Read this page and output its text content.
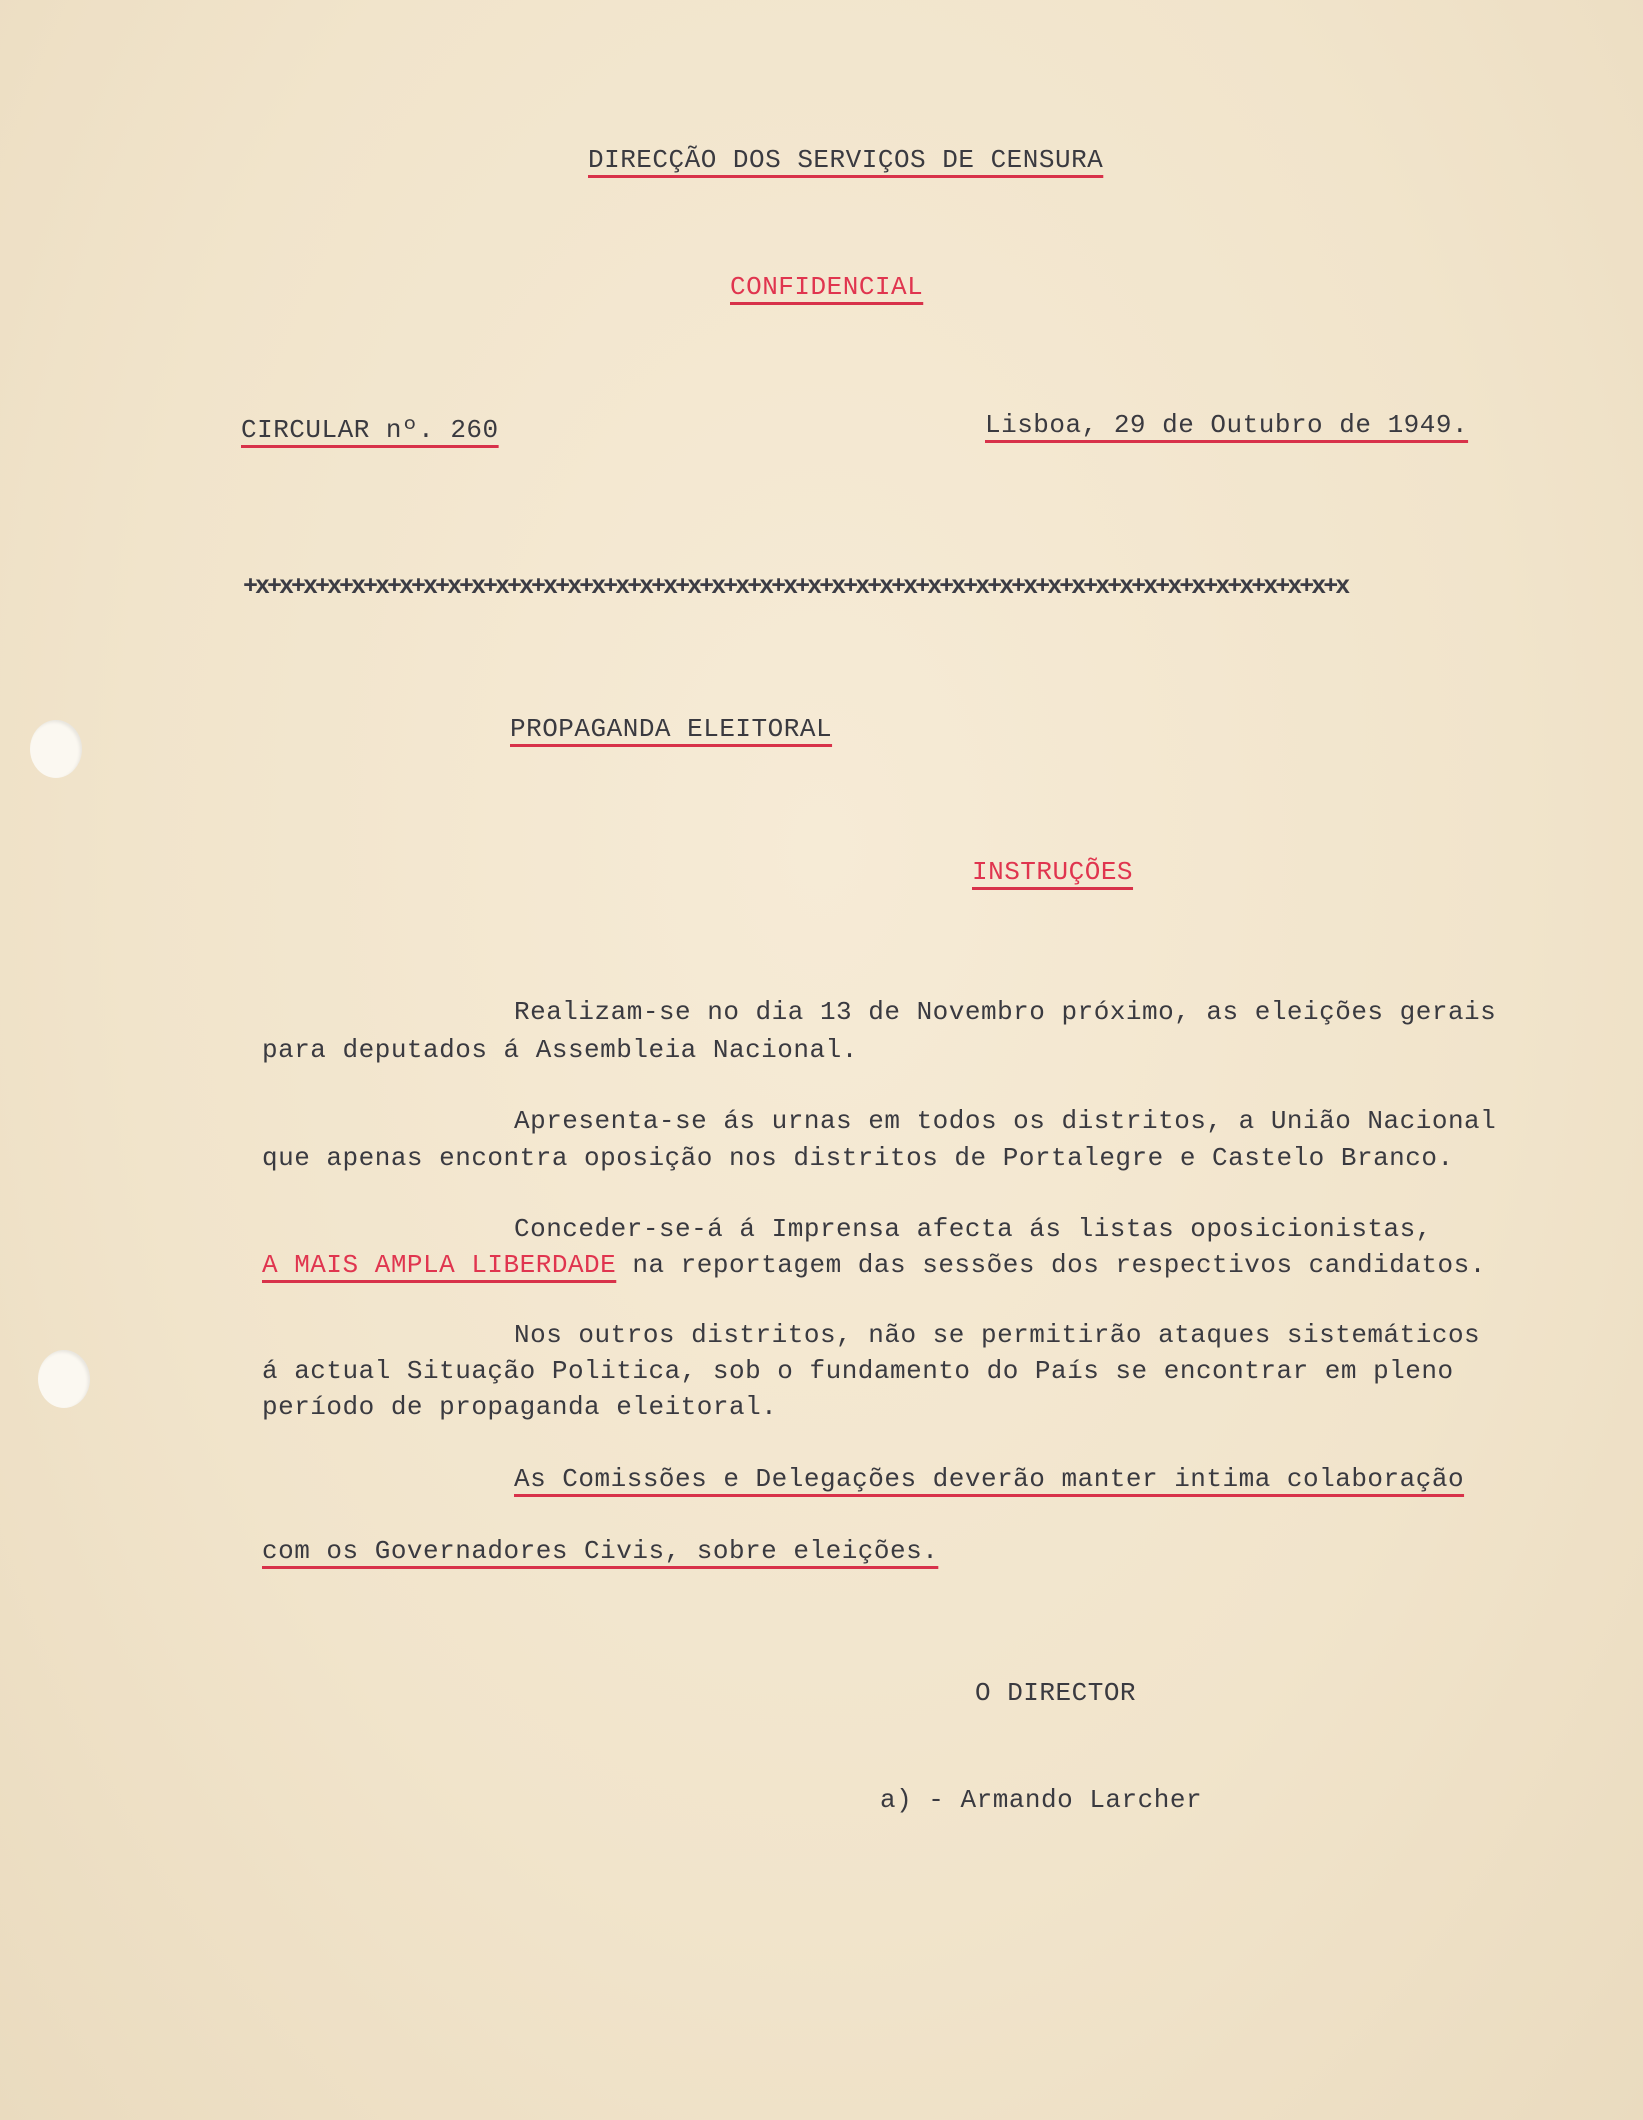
DIRECÇÃO DOS SERVIÇOS DE CENSURA
CONFIDENCIAL
CIRCULAR nº. 260	Lisboa, 29 de Outubro de 1949.
+x+x+x+x+x+x+x+x+x+x+x+x+x+x+x+x+x+x+x+x+x+x+x+x+x+x+x+x+x+x+x+x+x+x+x+x+x+x+x+x+x+x+x+x+x+x
PROPAGANDA ELEITORAL
INSTRUÇÕES
Realizam-se no dia 13 de Novembro próximo, as eleições gerais
para deputados á Assembleia Nacional.
Apresenta-se ás urnas em todos os distritos, a União Nacional
que apenas encontra oposição nos distritos de Portalegre e Castelo Branco.
Conceder-se-á á Imprensa afecta ás listas oposicionistas,
A MAIS AMPLA LIBERDADE na reportagem das sessões dos respectivos candidatos.
Nos outros distritos, não se permitirão ataques sistemáticos
á actual Situação Politica, sob o fundamento do País se encontrar em pleno
período de propaganda eleitoral.
As Comissões e Delegações deverão manter intima colaboração
com os Governadores Civis, sobre eleições.
O DIRECTOR
a) - Armando Larcher
